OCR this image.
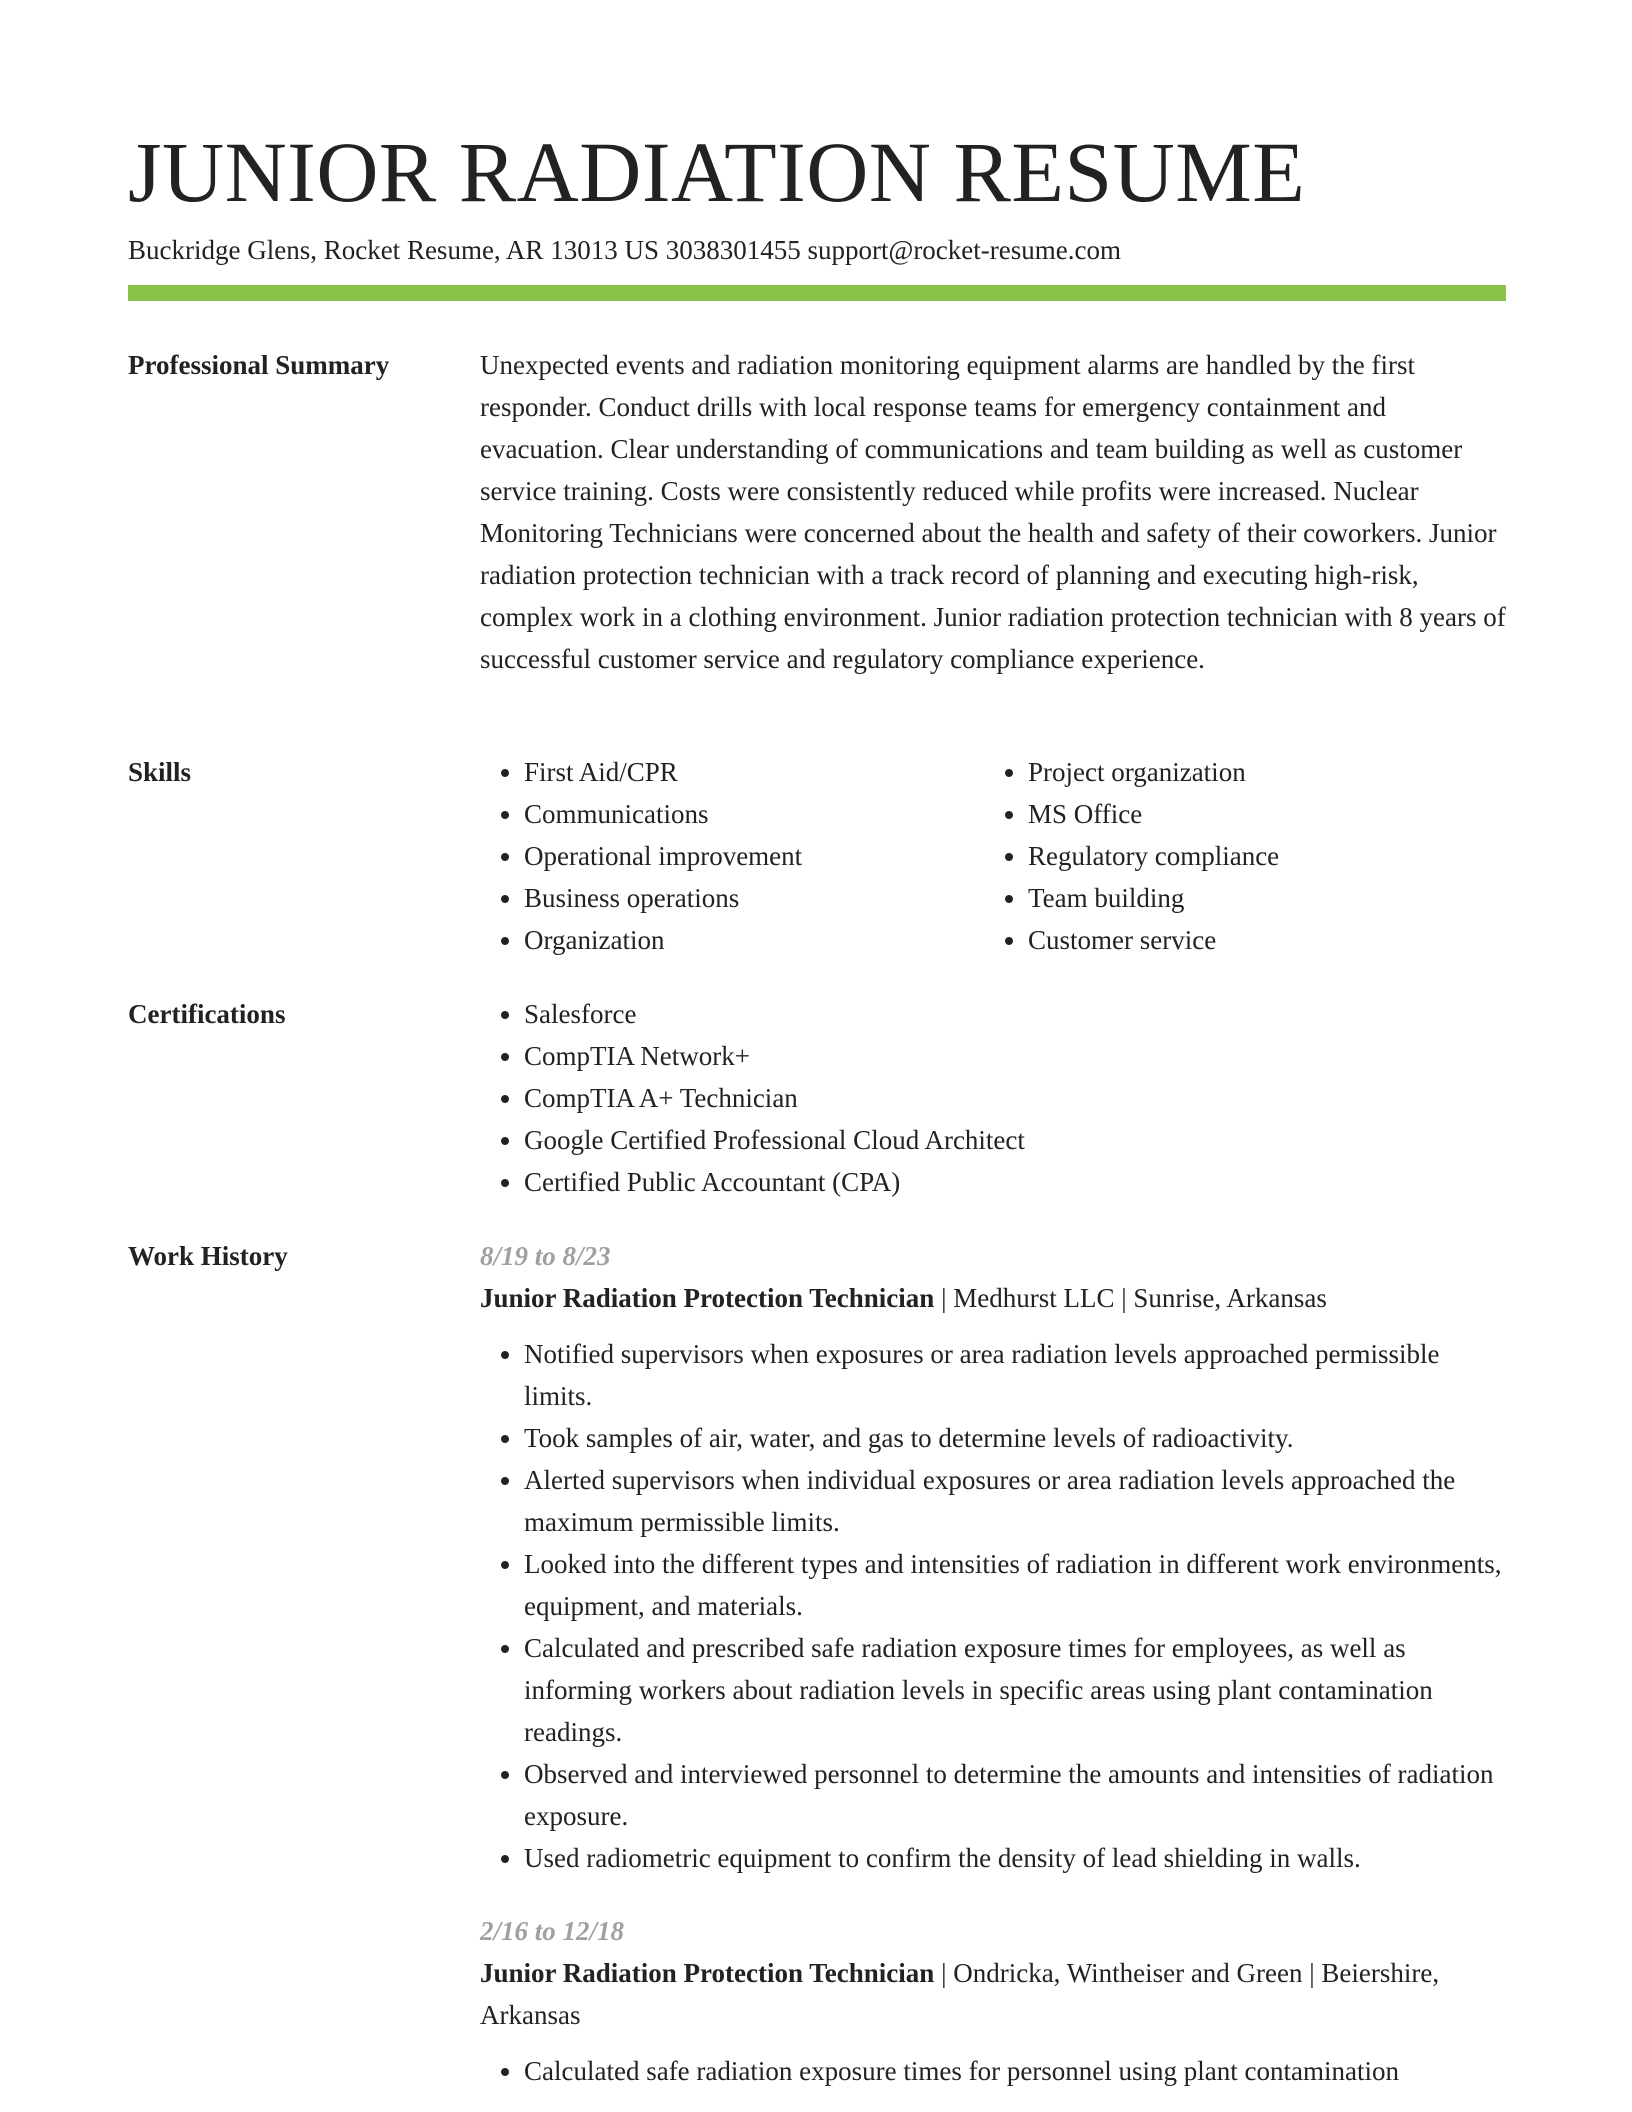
JUNIOR RADIATION RESUME
Buckridge Glens, Rocket Resume, AR 13013 US 3038301455 support@rocket-resume.com
Professional Summary	Unexpected events and radiation monitoring equipment alarms are handled by the first responder. Conduct drills with local response teams for emergency containment and evacuation. Clear understanding of communications and team building as well as customer service training. Costs were consistently reduced while profits were increased. Nuclear Monitoring Technicians were concerned about the health and safety of their coworkers. Junior radiation protection technician with a track record of planning and executing high-risk, complex work in a clothing environment. Junior radiation protection technician with 8 years of successful customer service and regulatory compliance experience.

Skills	• First Aid/CPR
• Communications
• Operational improvement
• Business operations
• Organization
• Project organization
• MS Office
• Regulatory compliance
• Team building
• Customer service
Certifications	• Salesforce
• CompTIA Network+
• CompTIA A+ Technician
• Google Certified Professional Cloud Architect
• Certified Public Accountant (CPA)
Work History	8/19 to 8/23
Junior Radiation Protection Technician | Medhurst LLC | Sunrise, Arkansas
• Notified supervisors when exposures or area radiation levels approached permissible limits.
• Took samples of air, water, and gas to determine levels of radioactivity.
• Alerted supervisors when individual exposures or area radiation levels approached the maximum permissible limits.
• Looked into the different types and intensities of radiation in different work environments, equipment, and materials.
• Calculated and prescribed safe radiation exposure times for employees, as well as informing workers about radiation levels in specific areas using plant contamination readings.
• Observed and interviewed personnel to determine the amounts and intensities of radiation exposure.
• Used radiometric equipment to confirm the density of lead shielding in walls.
2/16 to 12/18
Junior Radiation Protection Technician | Ondricka, Wintheiser and Green | Beiershire, Arkansas
• Calculated safe radiation exposure times for personnel using plant contamination
